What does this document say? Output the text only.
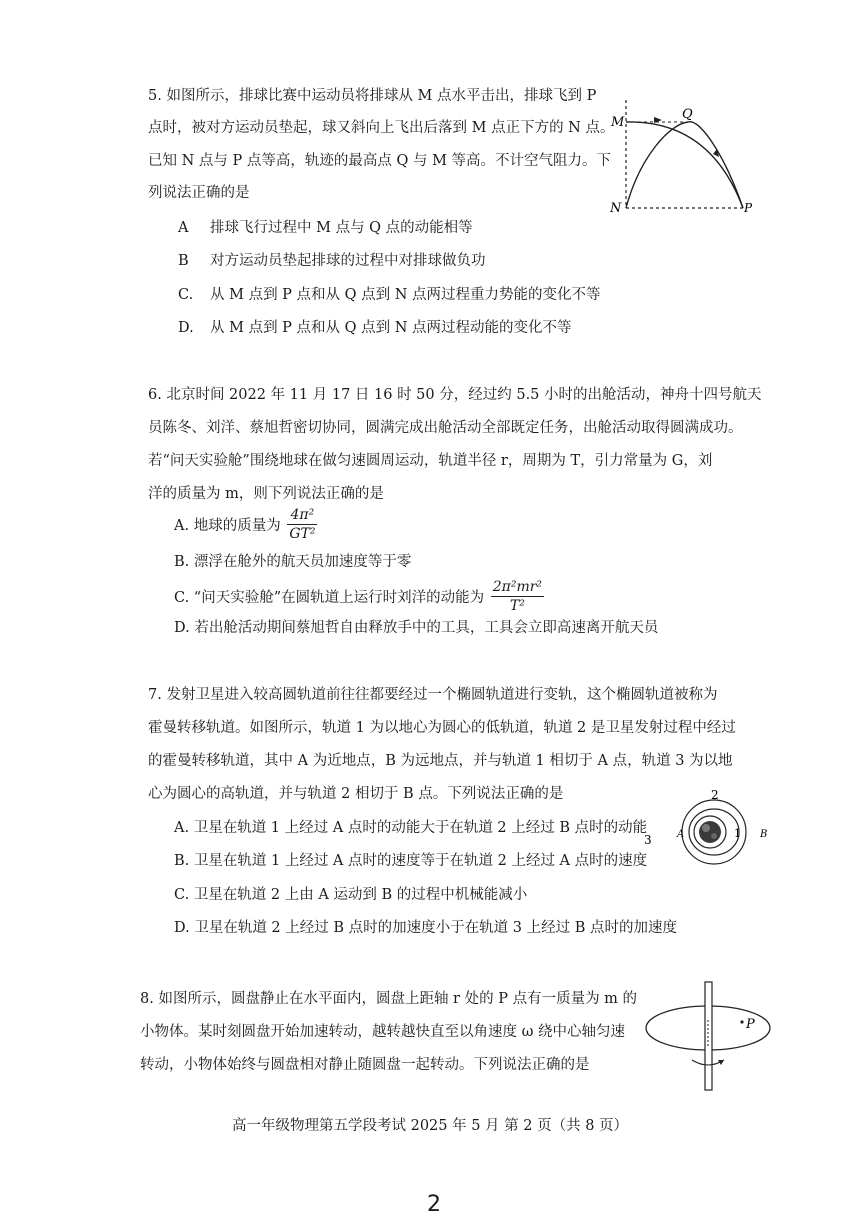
5. 如图所示，排球比赛中运动员将排球从 M 点水平击出，排球飞到 P
点时，被对方运动员垫起，球又斜向上飞出后落到 M 点正下方的 N 点。
已知 N 点与 P 点等高，轨迹的最高点 Q 与 M 等高。不计空气阻力。下
列说法正确的是
A 排球飞行过程中 M 点与 Q 点的动能相等
B 对方运动员垫起排球的过程中对排球做负功
C. 从 M 点到 P 点和从 Q 点到 N 点两过程重力势能的变化不等
D. 从 M 点到 P 点和从 Q 点到 N 点两过程动能的变化不等
M
Q
N	P
6. 北京时间 2022 年 11 月 17 日 16 时 50 分，经过约 5.5 小时的出舱活动，神舟十四号航天
员陈冬、刘洋、蔡旭哲密切协同，圆满完成出舱活动全部既定任务，出舱活动取得圆满成功。
若“问天实验舱”围绕地球在做匀速圆周运动，轨道半径 r，周期为 T，引力常量为 G，刘
洋的质量为 m，则下列说法正确的是
A. 地球的质量为 $\frac{\text{4π²}}{\text{GT²}}$
B. 漂浮在舱外的航天员加速度等于零
C. “问天实验舱”在圆轨道上运行时刘洋的动能为 $\frac{\text{2π²mr²}}{\text{T²}}$
D. 若出舱活动期间蔡旭哲自由释放手中的工具，工具会立即高速离开航天员
7. 发射卫星进入较高圆轨道前往往都要经过一个椭圆轨道进行变轨，这个椭圆轨道被称为
霍曼转移轨道。如图所示，轨道 1 为以地心为圆心的低轨道，轨道 2 是卫星发射过程中经过
的霍曼转移轨道，其中 A 为近地点，B 为远地点，并与轨道 1 相切于 A 点，轨道 3 为以地
心为圆心的高轨道，并与轨道 2 相切于 B 点。下列说法正确的是
A. 卫星在轨道 1 上经过 A 点时的动能大于在轨道 2 上经过 B 点时的动能
B. 卫星在轨道 1 上经过 A 点时的速度等于在轨道 2 上经过 A 点时的速度
C. 卫星在轨道 2 上由 A 运动到 B 的过程中机械能减小
D. 卫星在轨道 2 上经过 B 点时的加速度小于在轨道 3 上经过 B 点时的加速度
2
3	A	1 B
8. 如图所示，圆盘静止在水平面内，圆盘上距轴 r 处的 P 点有一质量为 m 的
小物体。某时刻圆盘开始加速转动，越转越快直至以角速度 ω 绕中心轴匀速
转动，小物体始终与圆盘相对静止随圆盘一起转动。下列说法正确的是
P
高一年级物理第五学段考试 2025 年 5 月 第 2 页（共 8 页）
2
